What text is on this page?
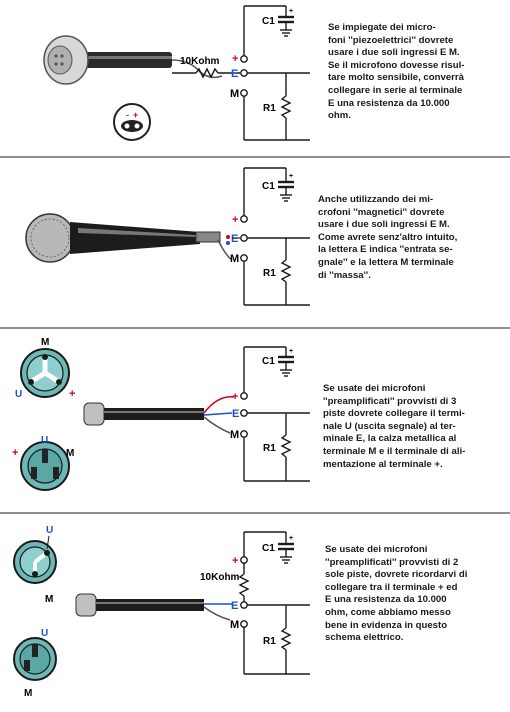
- +
10Kohm
C1
+
+
E
M
R1
Se impiegate dei micro-
foni ''piezoelettrici'' dovrete
usare i due soli ingressi E M.
Se il microfono dovesse risul-
tare molto sensibile, converrà
collegare in serie al terminale
E una resistenza da 10.000
ohm.
C1
+
+
E
M
R1
Anche utilizzando dei mi-
crofoni ''magnetici'' dovrete
usare i due soli ingressi E M.
Come avrete senz'altro intuito,
la lettera E indica ''entrata se-
gnale'' e la lettera M terminale
di ''massa''.
M
U	+
U
+	M
C1
+
+
E
M
R1
Se usate dei microfoni
''preamplificati'' provvisti di 3
piste dovrete collegare il termi-
nale U (uscita segnale) al ter-
minale E, la calza metallica al
terminale M e il terminale di ali-
mentazione al terminale +.
U
M
U
M
C1
+
+
10Kohm
E
M
R1
Se usate dei microfoni
''preamplificati'' provvisti di 2
sole piste, dovrete ricordarvi di
collegare tra il terminale + ed
E una resistenza da 10.000
ohm, come abbiamo messo
bene in evidenza in questo
schema elettrico.
